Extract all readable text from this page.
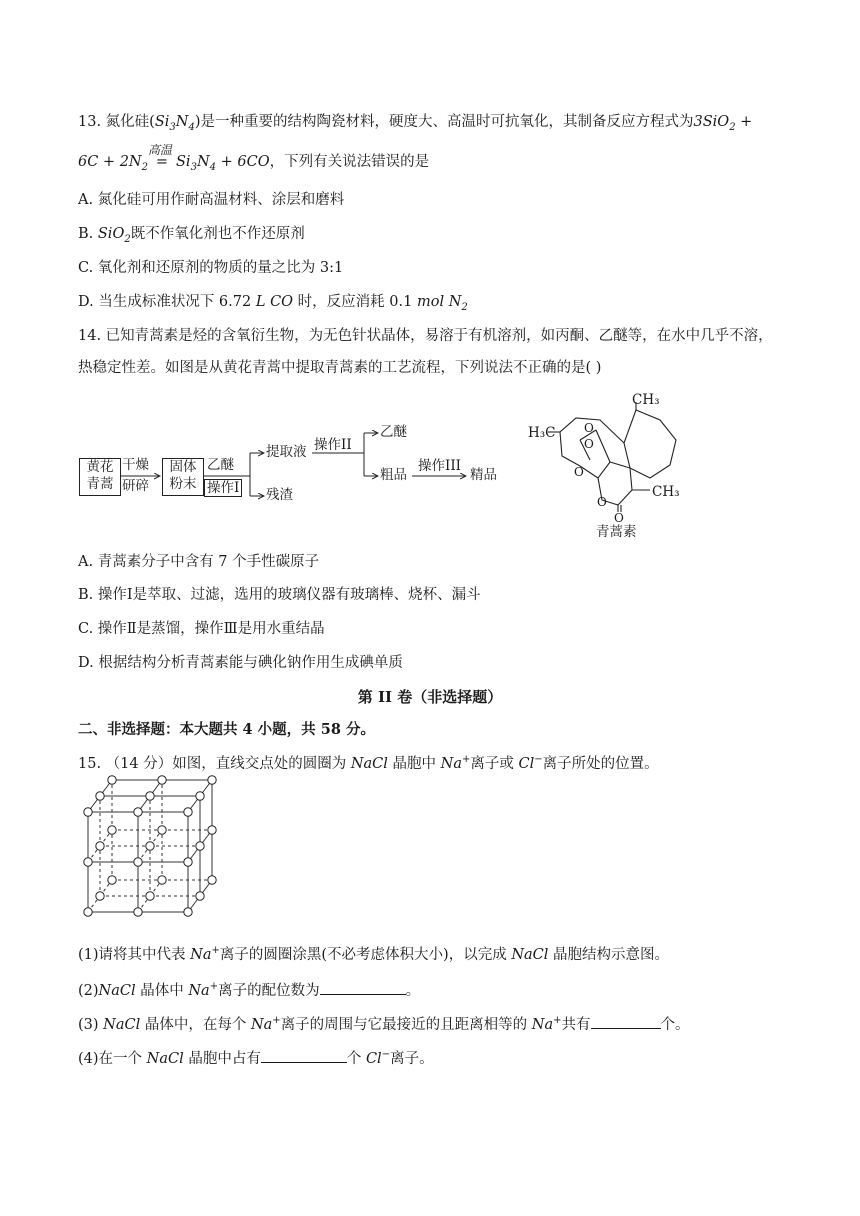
13. 氮化硅$(Si_3N_4)$是一种重要的结构陶瓷材料，硬度大、高温时可抗氧化，其制备反应方程式为3SiO$_2$ +
$6C + 2N_2$
高温
= $Si_3N_4 + 6CO$，下列有关说法错误的是
A. 氮化硅可用作耐高温材料、涂层和磨料
B. SiO$_2$既不作氧化剂也不作还原剂
C. 氧化剂和还原剂的物质的量之比为 3:1
D. 当生成标准状况下 6.72 L CO 时，反应消耗 0.1 mol $N_2$
14. 已知青蒿素是烃的含氧衍生物，为无色针状晶体，易溶于有机溶剂，如丙酮、乙醚等，在水中几乎不溶，
热稳定性差。如图是从黄花青蒿中提取青蒿素的工艺流程，下列说法不正确的是( )
黄花
青蒿
干燥
研碎
固体
粉末
乙醚
操作I
提取液
残渣
操作II
乙醚
粗品
操作III
精品
CH₃
H₃C O
O
O
O
O
CH₃
青蒿素
A. 青蒿素分子中含有 7 个手性碳原子
B. 操作Ⅰ是萃取、过滤，选用的玻璃仪器有玻璃棒、烧杯、漏斗
C. 操作Ⅱ是蒸馏，操作Ⅲ是用水重结晶
D. 根据结构分析青蒿素能与碘化钠作用生成碘单质
第 II 卷（非选择题）
二、非选择题：本大题共 4 小题，共 58 分。
15. （14 分）如图，直线交点处的圆圈为 NaCl 晶胞中 Na+离子或 Cl−离子所处的位置。
(1)请将其中代表 Na+离子的圆圈涂黑(不必考虑体积大小)，以完成 NaCl 晶胞结构示意图。
(2)NaCl 晶体中 Na+离子的配位数为	。
(3) NaCl 晶体中，在每个 Na+离子的周围与它最接近的且距离相等的 Na+共有	个。
(4)在一个 NaCl 晶胞中占有	个 Cl−离子。
